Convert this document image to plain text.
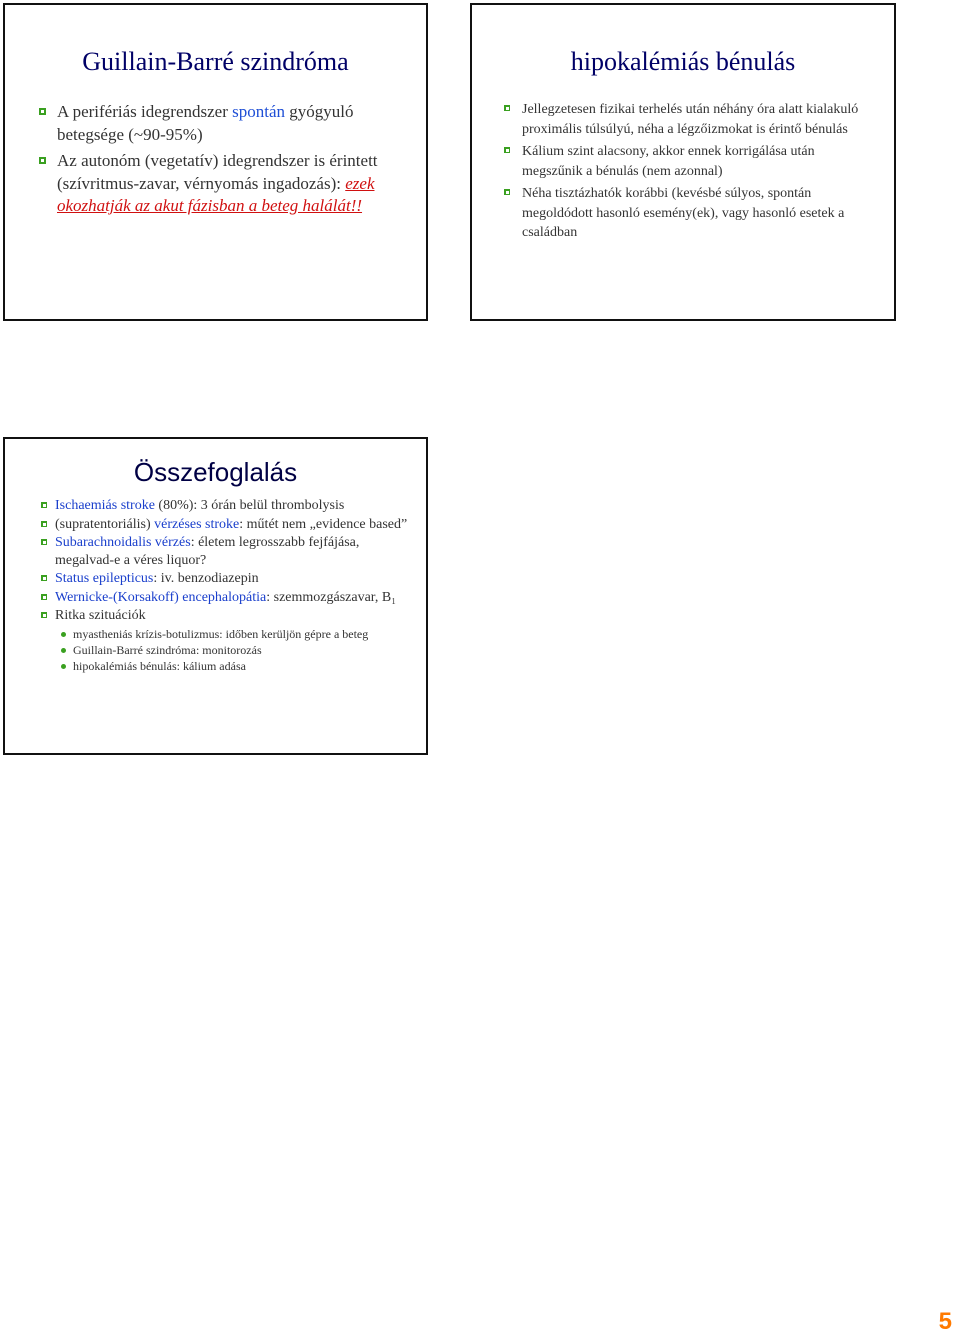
Guillain-Barré szindróma
A perifériás idegrendszer spontán gyógyuló betegsége (~90-95%)
Az autonóm (vegetatív) idegrendszer is érintett (szívritmus-zavar, vérnyomás ingadozás): ezek okozhatják az akut fázisban a beteg halálát!!
hipokalémiás bénulás
Jellegzetesen fizikai terhelés után néhány óra alatt kialakuló proximális túlsúlyú, néha a légzőizmokat is érintő bénulás
Kálium szint alacsony, akkor ennek korrigálása után megszűnik a bénulás (nem azonnal)
Néha tisztázhatók korábbi (kevésbé súlyos, spontán megoldódott hasonló esemény(ek), vagy hasonló esetek a családban
Összefoglalás
Ischaemiás stroke (80%): 3 órán belül thrombolysis
(supratentoriális) vérzéses stroke: műtét nem „evidence based”
Subarachnoidalis vérzés: életem legrosszabb fejfájása, megalvad-e a véres liquor?
Status epilepticus: iv. benzodiazepin
Wernicke-(Korsakoff) encephalopátia: szemmozgászavar, B₁
Ritka szituációk
myastheniás krízis-botulizmus: időben kerüljön gépre a beteg
Guillain-Barré szindróma: monitorozás
hipokalémiás bénulás: kálium adása
5
